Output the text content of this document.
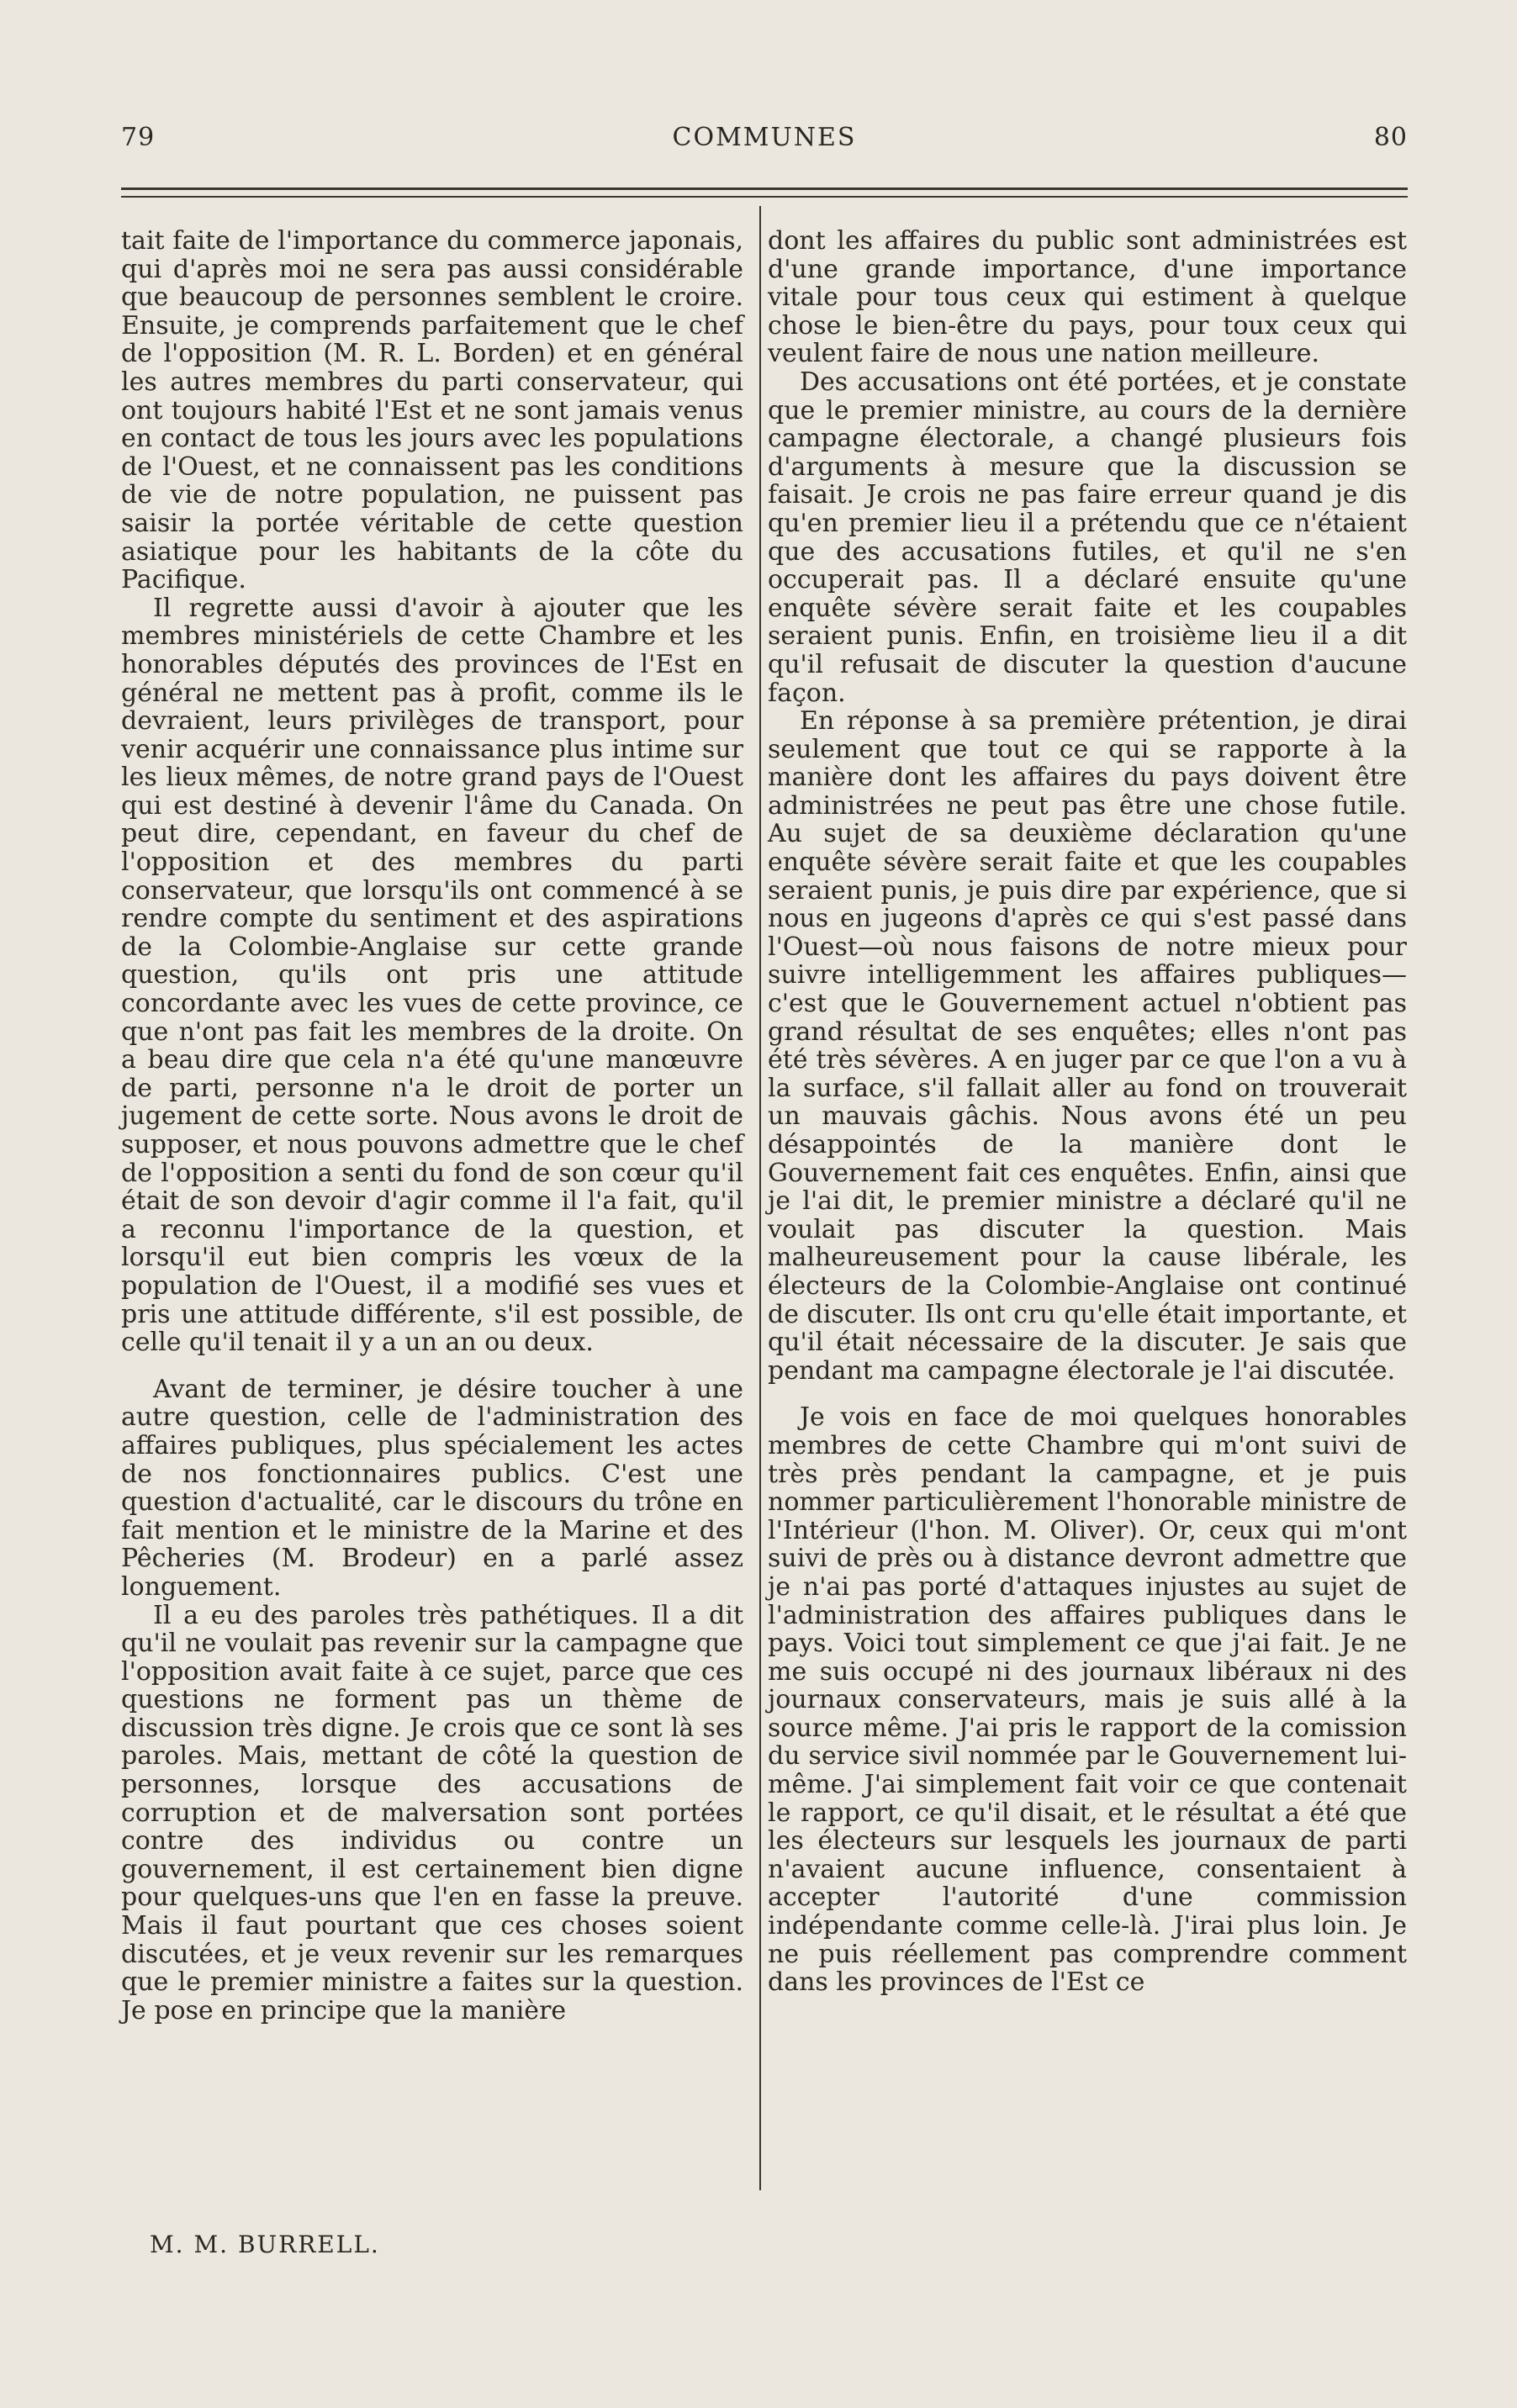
79	COMMUNES	80

tait faite de l'importance du commerce japonais, qui d'après moi ne sera pas aussi considérable que beaucoup de personnes semblent le croire. Ensuite, je comprends parfaitement que le chef de l'opposition (M. R. L. Borden) et en général les autres membres du parti conservateur, qui ont toujours habité l'Est et ne sont jamais venus en contact de tous les jours avec les populations de l'Ouest, et ne connaissent pas les conditions de vie de notre population, ne puissent pas saisir la portée véritable de cette question asiatique pour les habitants de la côte du Pacifique.

Il regrette aussi d'avoir à ajouter que les membres ministériels de cette Chambre et les honorables députés des provinces de l'Est en général ne mettent pas à profit, comme ils le devraient, leurs privilèges de transport, pour venir acquérir une connaissance plus intime sur les lieux mêmes, de notre grand pays de l'Ouest qui est destiné à devenir l'âme du Canada. On peut dire, cependant, en faveur du chef de l'opposition et des membres du parti conservateur, que lorsqu'ils ont commencé à se rendre compte du sentiment et des aspirations de la Colombie-Anglaise sur cette grande question, qu'ils ont pris une attitude concordante avec les vues de cette province, ce que n'ont pas fait les membres de la droite. On a beau dire que cela n'a été qu'une manœuvre de parti, personne n'a le droit de porter un jugement de cette sorte. Nous avons le droit de supposer, et nous pouvons admettre que le chef de l'opposition a senti du fond de son cœur qu'il était de son devoir d'agir comme il l'a fait, qu'il a reconnu l'importance de la question, et lorsqu'il eut bien compris les vœux de la population de l'Ouest, il a modifié ses vues et pris une attitude différente, s'il est possible, de celle qu'il tenait il y a un an ou deux.

Avant de terminer, je désire toucher à une autre question, celle de l'administration des affaires publiques, plus spécialement les actes de nos fonctionnaires publics. C'est une question d'actualité, car le discours du trône en fait mention et le ministre de la Marine et des Pêcheries (M. Brodeur) en a parlé assez longuement.

Il a eu des paroles très pathétiques. Il a dit qu'il ne voulait pas revenir sur la campagne que l'opposition avait faite à ce sujet, parce que ces questions ne forment pas un thème de discussion très digne. Je crois que ce sont là ses paroles. Mais, mettant de côté la question de personnes, lorsque des accusations de corruption et de malversation sont portées contre des individus ou contre un gouvernement, il est certainement bien digne pour quelques-uns que l'en en fasse la preuve. Mais il faut pourtant que ces choses soient discutées, et je veux revenir sur les remarques que le premier ministre a faites sur la question. Je pose en principe que la manière

dont les affaires du public sont administrées est d'une grande importance, d'une importance vitale pour tous ceux qui estiment à quelque chose le bien-être du pays, pour toux ceux qui veulent faire de nous une nation meilleure.

Des accusations ont été portées, et je constate que le premier ministre, au cours de la dernière campagne électorale, a changé plusieurs fois d'arguments à mesure que la discussion se faisait. Je crois ne pas faire erreur quand je dis qu'en premier lieu il a prétendu que ce n'étaient que des accusations futiles, et qu'il ne s'en occuperait pas. Il a déclaré ensuite qu'une enquête sévère serait faite et les coupables seraient punis. Enfin, en troisième lieu il a dit qu'il refusait de discuter la question d'aucune façon.

En réponse à sa première prétention, je dirai seulement que tout ce qui se rapporte à la manière dont les affaires du pays doivent être administrées ne peut pas être une chose futile. Au sujet de sa deuxième déclaration qu'une enquête sévère serait faite et que les coupables seraient punis, je puis dire par expérience, que si nous en jugeons d'après ce qui s'est passé dans l'Ouest—où nous faisons de notre mieux pour suivre intelligemment les affaires publiques—c'est que le Gouvernement actuel n'obtient pas grand résultat de ses enquêtes; elles n'ont pas été très sévères. A en juger par ce que l'on a vu à la surface, s'il fallait aller au fond on trouverait un mauvais gâchis. Nous avons été un peu désappointés de la manière dont le Gouvernement fait ces enquêtes. Enfin, ainsi que je l'ai dit, le premier ministre a déclaré qu'il ne voulait pas discuter la question. Mais malheureusement pour la cause libérale, les électeurs de la Colombie-Anglaise ont continué de discuter. Ils ont cru qu'elle était importante, et qu'il était nécessaire de la discuter. Je sais que pendant ma campagne électorale je l'ai discutée.

Je vois en face de moi quelques honorables membres de cette Chambre qui m'ont suivi de très près pendant la campagne, et je puis nommer particulièrement l'honorable ministre de l'Intérieur (l'hon. M. Oliver). Or, ceux qui m'ont suivi de près ou à distance devront admettre que je n'ai pas porté d'attaques injustes au sujet de l'administration des affaires publiques dans le pays. Voici tout simplement ce que j'ai fait. Je ne me suis occupé ni des journaux libéraux ni des journaux conservateurs, mais je suis allé à la source même. J'ai pris le rapport de la comission du service sivil nommée par le Gouvernement lui-même. J'ai simplement fait voir ce que contenait le rapport, ce qu'il disait, et le résultat a été que les électeurs sur lesquels les journaux de parti n'avaient aucune influence, consentaient à accepter l'autorité d'une commission indépendante comme celle-là. J'irai plus loin. Je ne puis réellement pas comprendre comment dans les provinces de l'Est ce

M. M. BURRELL.
